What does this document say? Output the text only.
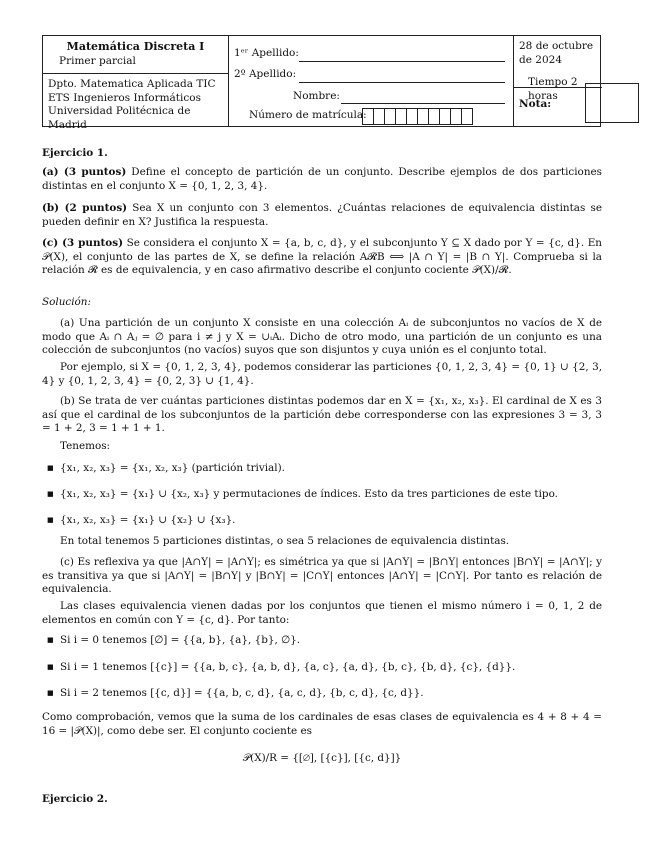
Matemática Discreta I
Primer parcial
Dpto. Matematica Aplicada TIC
ETS Ingenieros Informáticos
Universidad Politécnica de Madrid
1ᵉʳ Apellido:
2º Apellido:
Nombre:
Número de matrícula:
28 de octubre de 2024
Tiempo 2 horas
Nota:
Ejercicio 1.
(a) (3 puntos) Define el concepto de partición de un conjunto. Describe ejemplos de dos particiones distintas en el conjunto X = {0, 1, 2, 3, 4}.
(b) (2 puntos) Sea X un conjunto con 3 elementos. ¿Cuántas relaciones de equivalencia distintas se pueden definir en X? Justifica la respuesta.
(c) (3 puntos) Se considera el conjunto X = {a, b, c, d}, y el subconjunto Y ⊆ X dado por Y = {c, d}. En 𝒫(X), el conjunto de las partes de X, se define la relación A𝓡B ⟺ |A ∩ Y| = |B ∩ Y|. Comprueba si la relación 𝓡 es de equivalencia, y en caso afirmativo describe el conjunto cociente 𝒫(X)/𝓡.
Solución:
(a) Una partición de un conjunto X consiste en una colección Aᵢ de subconjuntos no vacíos de X de modo que Aᵢ ∩ Aⱼ = ∅ para i ≠ j y X = ∪ᵢAᵢ. Dicho de otro modo, una partición de un conjunto es una colección de subconjuntos (no vacíos) suyos que son disjuntos y cuya unión es el conjunto total.
Por ejemplo, si X = {0, 1, 2, 3, 4}, podemos considerar las particiones {0, 1, 2, 3, 4} = {0, 1} ∪ {2, 3, 4} y {0, 1, 2, 3, 4} = {0, 2, 3} ∪ {1, 4}.
(b) Se trata de ver cuántas particiones distintas podemos dar en X = {x₁, x₂, x₃}. El cardinal de X es 3 así que el cardinal de los subconjuntos de la partición debe corresponderse con las expresiones 3 = 3, 3 = 1 + 2, 3 = 1 + 1 + 1.
Tenemos:
■ {x₁, x₂, x₃} = {x₁, x₂, x₃} (partición trivial).
■ {x₁, x₂, x₃} = {x₁} ∪ {x₂, x₃} y permutaciones de índices. Esto da tres particiones de este tipo.
■ {x₁, x₂, x₃} = {x₁} ∪ {x₂} ∪ {x₃}.
En total tenemos 5 particiones distintas, o sea 5 relaciones de equivalencia distintas.
(c) Es reflexiva ya que |A∩Y| = |A∩Y|; es simétrica ya que si |A∩Y| = |B∩Y| entonces |B∩Y| = |A∩Y|; y es transitiva ya que si |A∩Y| = |B∩Y| y |B∩Y| = |C∩Y| entonces |A∩Y| = |C∩Y|. Por tanto es relación de equivalencia.
Las clases equivalencia vienen dadas por los conjuntos que tienen el mismo número i = 0, 1, 2 de elementos en común con Y = {c, d}. Por tanto:
■ Si i = 0 tenemos [∅] = {{a, b}, {a}, {b}, ∅}.
■ Si i = 1 tenemos [{c}] = {{a, b, c}, {a, b, d}, {a, c}, {a, d}, {b, c}, {b, d}, {c}, {d}}.
■ Si i = 2 tenemos [{c, d}] = {{a, b, c, d}, {a, c, d}, {b, c, d}, {c, d}}.
Como comprobación, vemos que la suma de los cardinales de esas clases de equivalencia es 4 + 8 + 4 = 16 = |𝒫(X)|, como debe ser. El conjunto cociente es
𝒫(X)/R = {[∅], [{c}], [{c, d}]}
Ejercicio 2.
